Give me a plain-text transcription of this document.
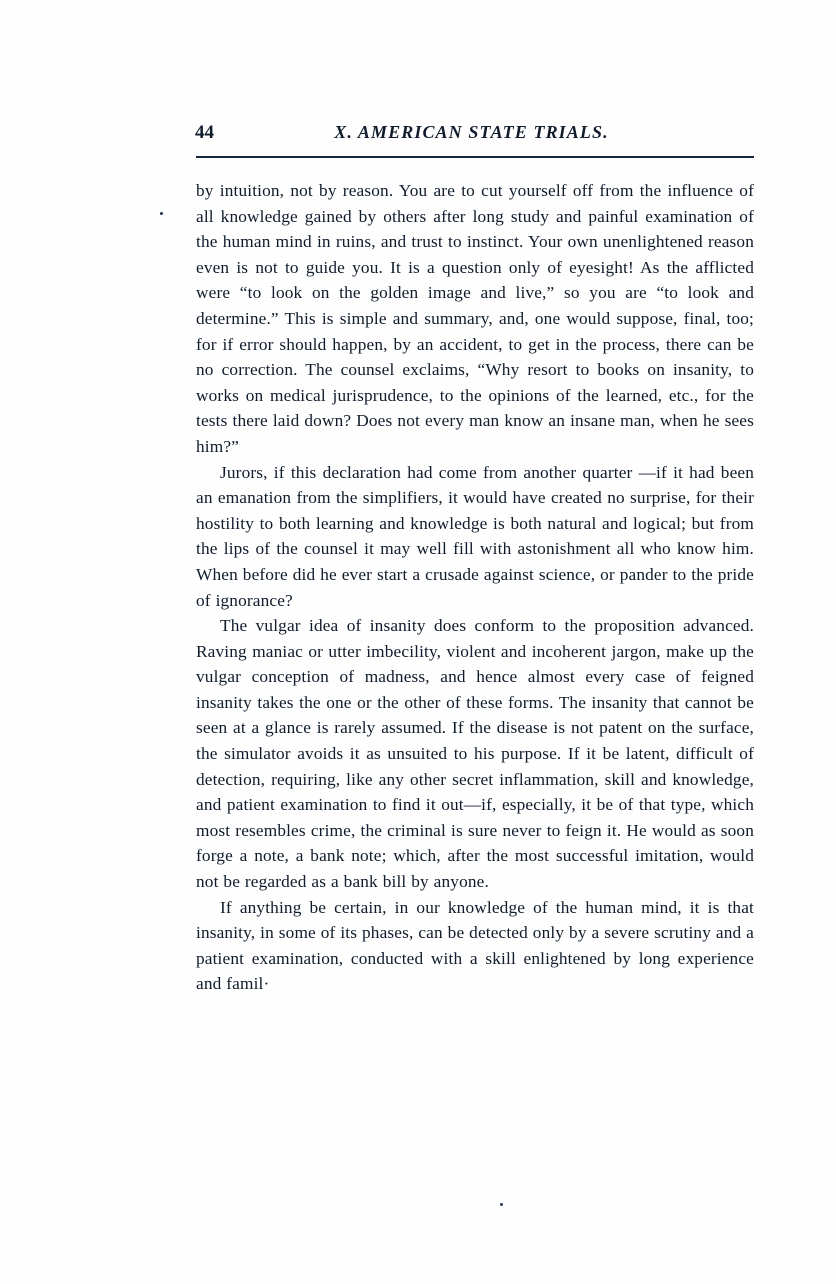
44	X. AMERICAN STATE TRIALS.

by intuition, not by reason. You are to cut yourself off from the influence of all knowledge gained by others after long study and painful examination of the human mind in ruins, and trust to instinct. Your own unenlightened reason even is not to guide you. It is a question only of eyesight! As the afflicted were “to look on the golden image and live,” so you are “to look and determine.” This is simple and summary, and, one would suppose, final, too; for if error should happen, by an accident, to get in the process, there can be no correction. The counsel exclaims, “Why resort to books on insanity, to works on medical jurisprudence, to the opinions of the learned, etc., for the tests there laid down? Does not every man know an insane man, when he sees him?”

Jurors, if this declaration had come from another quarter —if it had been an emanation from the simplifiers, it would have created no surprise, for their hostility to both learning and knowledge is both natural and logical; but from the lips of the counsel it may well fill with astonishment all who know him. When before did he ever start a crusade against science, or pander to the pride of ignorance?

The vulgar idea of insanity does conform to the proposition advanced. Raving maniac or utter imbecility, violent and incoherent jargon, make up the vulgar conception of madness, and hence almost every case of feigned insanity takes the one or the other of these forms. The insanity that cannot be seen at a glance is rarely assumed. If the disease is not patent on the surface, the simulator avoids it as unsuited to his purpose. If it be latent, difficult of detection, requiring, like any other secret inflammation, skill and knowledge, and patient examination to find it out—if, especially, it be of that type, which most resembles crime, the criminal is sure never to feign it. He would as soon forge a note, a bank note; which, after the most successful imitation, would not be regarded as a bank bill by anyone.

If anything be certain, in our knowledge of the human mind, it is that insanity, in some of its phases, can be detected only by a severe scrutiny and a patient examination, conducted with a skill enlightened by long experience and famil·
